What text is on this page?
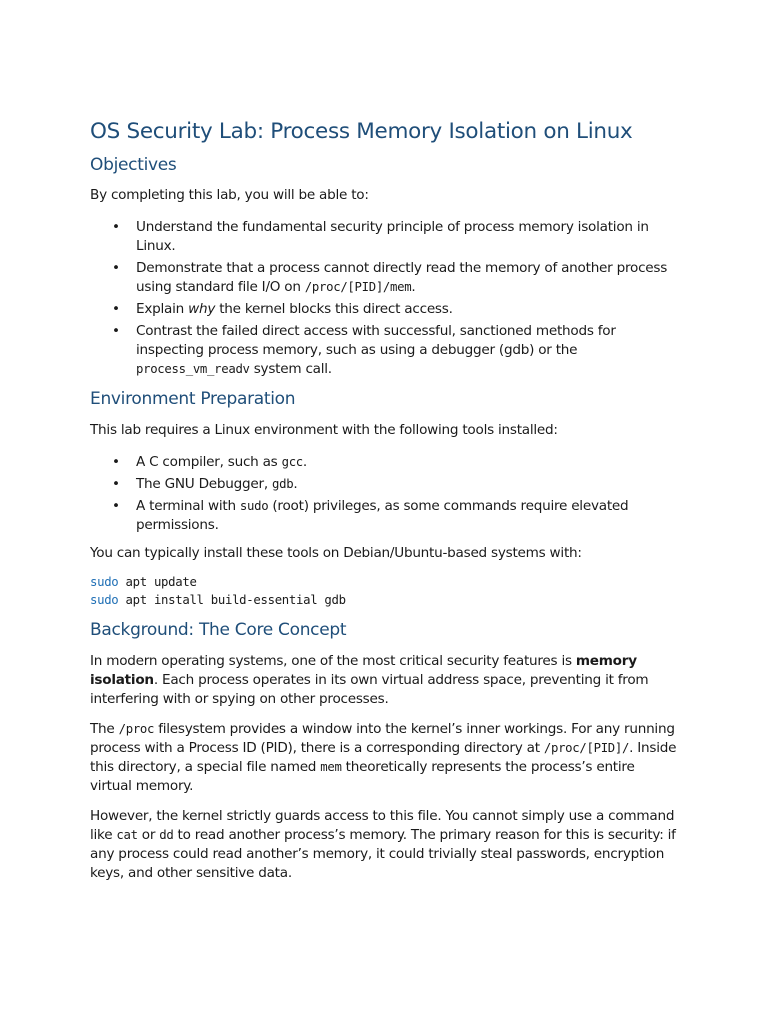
OS Security Lab: Process Memory Isolation on Linux
Objectives

By completing this lab, you will be able to:

• Understand the fundamental security principle of process memory isolation in Linux.
• Demonstrate that a process cannot directly read the memory of another process using standard file I/O on /proc/[PID]/mem.
• Explain why the kernel blocks this direct access.
• Contrast the failed direct access with successful, sanctioned methods for inspecting process memory, such as using a debugger (gdb) or the process_vm_readv system call.
Environment Preparation

This lab requires a Linux environment with the following tools installed:

• A C compiler, such as gcc.
• The GNU Debugger, gdb.
• A terminal with sudo (root) privileges, as some commands require elevated permissions.

You can typically install these tools on Debian/Ubuntu-based systems with:

sudo apt update
sudo apt install build-essential gdb
Background: The Core Concept

In modern operating systems, one of the most critical security features is memory isolation. Each process operates in its own virtual address space, preventing it from interfering with or spying on other processes.

The /proc filesystem provides a window into the kernel’s inner workings. For any running process with a Process ID (PID), there is a corresponding directory at /proc/[PID]/. Inside this directory, a special file named mem theoretically represents the process’s entire virtual memory.

However, the kernel strictly guards access to this file. You cannot simply use a command like cat or dd to read another process’s memory. The primary reason for this is security: if any process could read another’s memory, it could trivially steal passwords, encryption keys, and other sensitive data.
